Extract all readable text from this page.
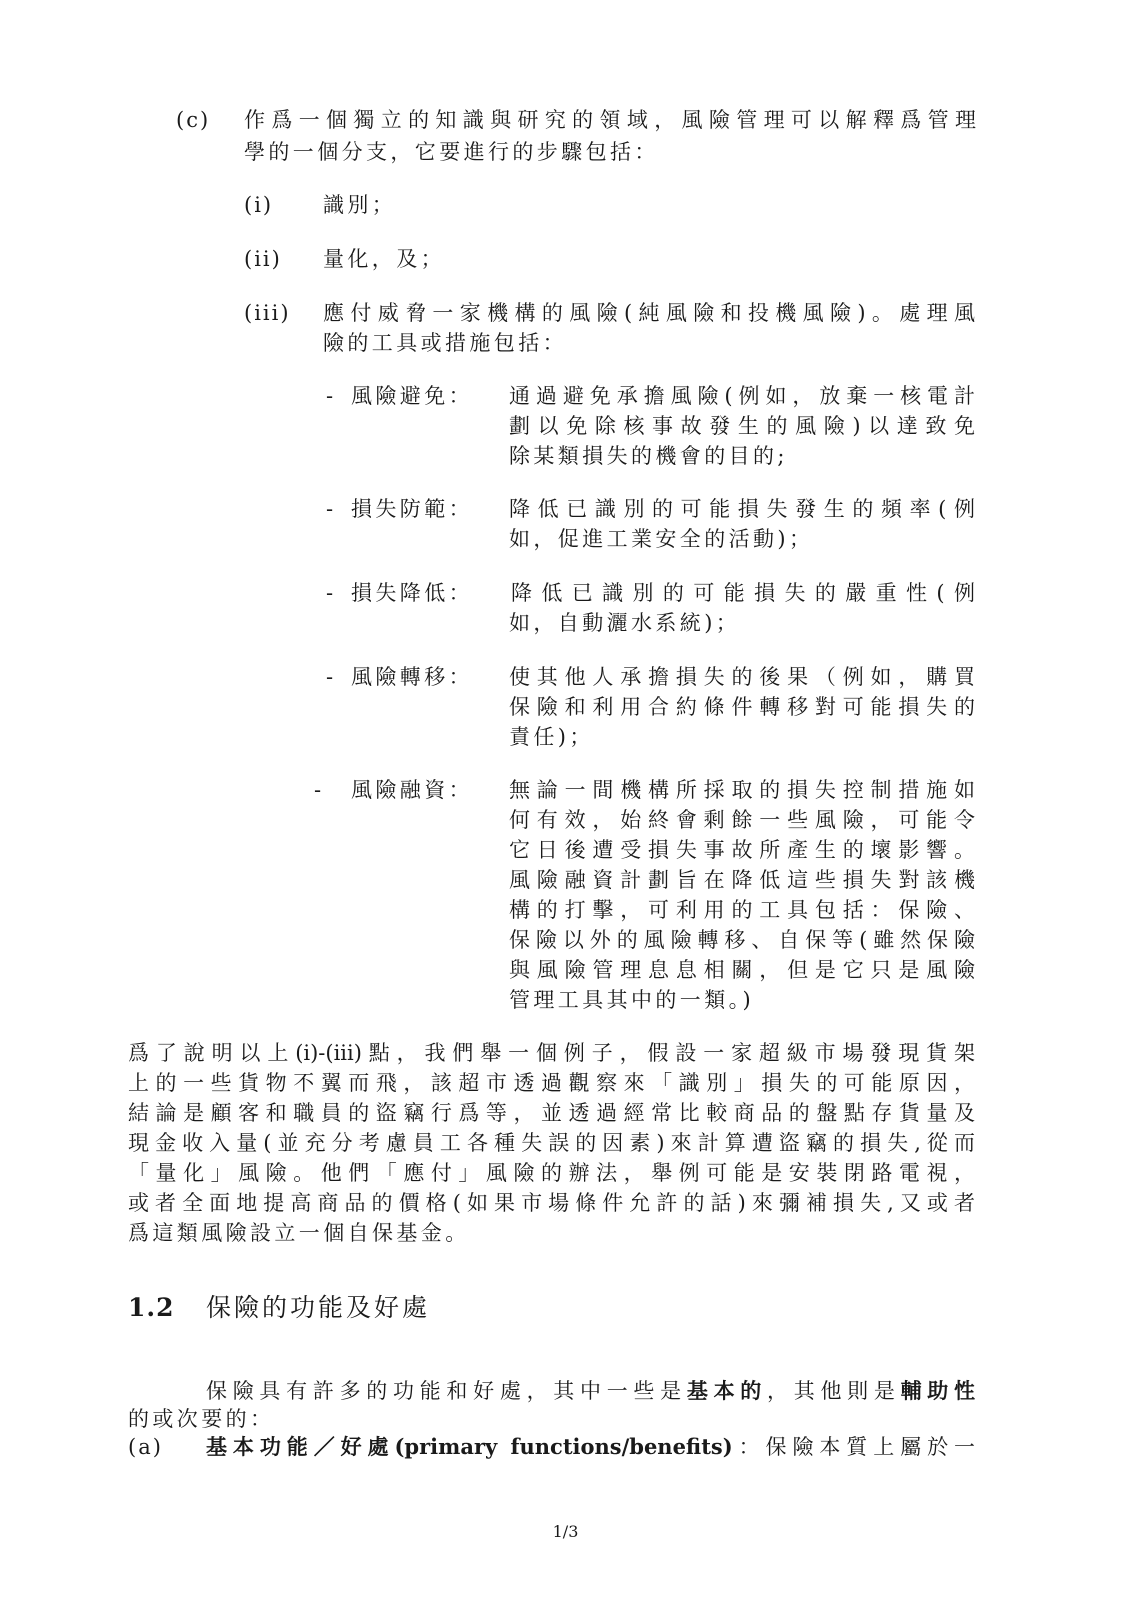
(c) 作爲一個獨立的知識與研究的領域，風險管理可以解釋爲管理
學的一個分支，它要進行的步驟包括：
(i) 識別；
(ii) 量化，及；
(iii) 應付威脅一家機構的風險(純風險和投機風險)。處理風
險的工具或措施包括：
- 風險避免： 通過避免承擔風險(例如，放棄一核電計
劃以免除核事故發生的風險)以達致免
除某類損失的機會的目的;
- 損失防範： 降低已識別的可能損失發生的頻率(例
如，促進工業安全的活動)；
- 損失降低： 降低已識別的可能損失的嚴重性(例
如，自動灑水系統)；
- 風險轉移： 使其他人承擔損失的後果（例如，購買
保險和利用合約條件轉移對可能損失的
責任)；
- 風險融資： 無論一間機構所採取的損失控制措施如
何有效，始終會剩餘一些風險，可能令
它日後遭受損失事故所產生的壞影響。
風險融資計劃旨在降低這些損失對該機
構的打擊，可利用的工具包括：保險、
保險以外的風險轉移、自保等(雖然保險
與風險管理息息相關，但是它只是風險
管理工具其中的一類。)
爲了說明以上(i)-(iii)點，我們舉一個例子，假設一家超級市場發現貨架
上的一些貨物不翼而飛，該超市透過觀察來「識別」損失的可能原因，
結論是顧客和職員的盜竊行爲等，並透過經常比較商品的盤點存貨量及
現金收入量(並充分考慮員工各種失誤的因素)來計算遭盜竊的損失,從而
「量化」風險。他們「應付」風險的辦法，舉例可能是安裝閉路電視，
或者全面地提高商品的價格(如果市場條件允許的話)來彌補損失,又或者
爲這類風險設立一個自保基金。
1.2 保險的功能及好處
保險具有許多的功能和好處，其中一些是基本的，其他則是輔助性
的或次要的：
(a) 基本功能／好處(primary functions/benefits)：保險本質上屬於一
1/3
